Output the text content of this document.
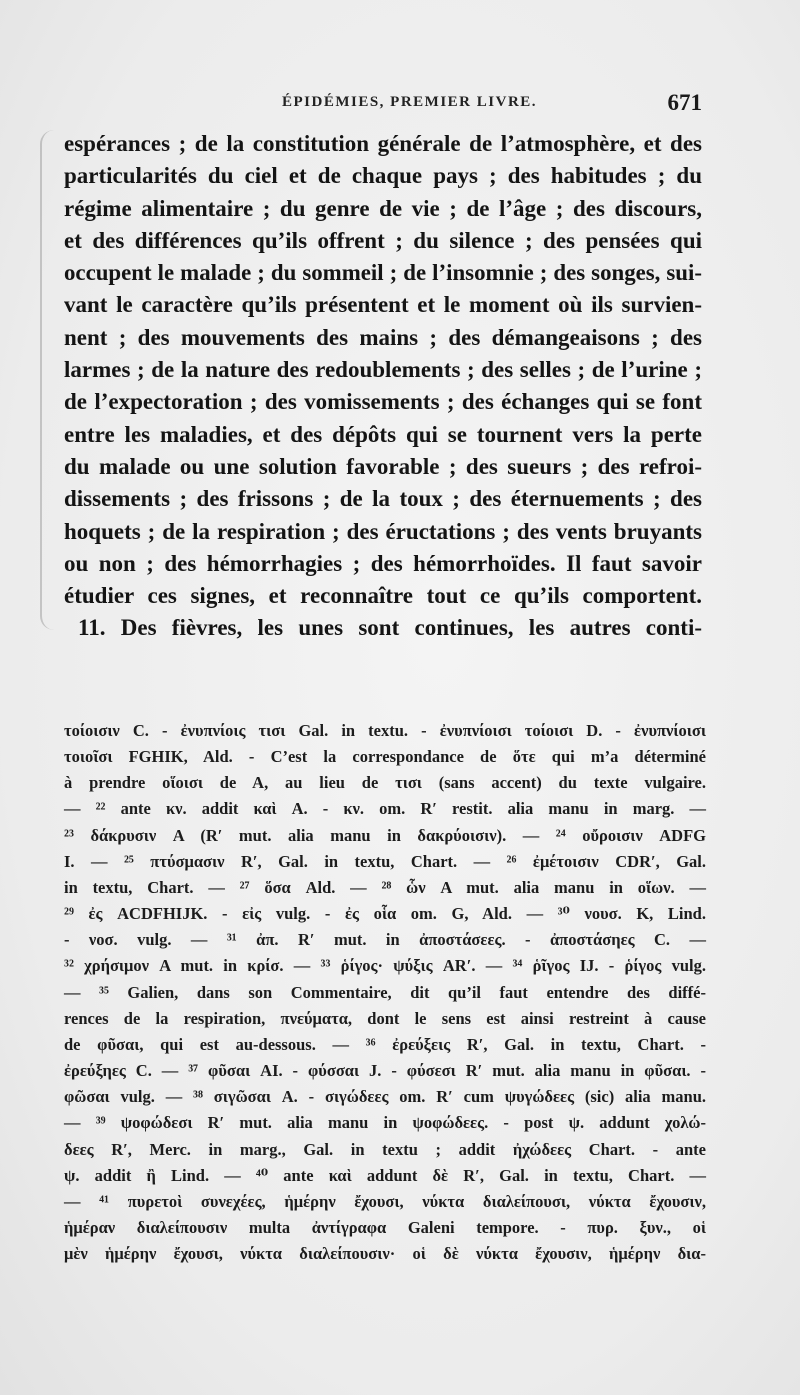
ÉPIDÉMIES, PREMIER LIVRE.	671
espérances ; de la constitution générale de l’atmosphère, et des
particularités du ciel et de chaque pays ; des habitudes ; du
régime alimentaire ; du genre de vie ; de l’âge ; des discours,
et des différences qu’ils offrent ; du silence ; des pensées qui
occupent le malade ; du sommeil ; de l’insomnie ; des songes, sui-
vant le caractère qu’ils présentent et le moment où ils survien-
nent ; des mouvements des mains ; des démangeaisons ; des
larmes ; de la nature des redoublements ; des selles ; de l’urine ;
de l’expectoration ; des vomissements ; des échanges qui se font
entre les maladies, et des dépôts qui se tournent vers la perte
du malade ou une solution favorable ; des sueurs ; des refroi-
dissements ; des frissons ; de la toux ; des éternuements ; des
hoquets ; de la respiration ; des éructations ; des vents bruyants
ou non ; des hémorrhagies ; des hémorrhoïdes. Il faut savoir
étudier ces signes, et reconnaître tout ce qu’ils comportent.
11. Des fièvres, les unes sont continues, les autres conti-
τοίοισιν C. - ἐνυπνίοις τισι Gal. in textu. - ἐνυπνίοισι τοίοισι D. - ἐνυπνίοισι
τοιοῖσι FGHIK, Ald. - C’est la correspondance de ὅτε qui m’a déterminé
à prendre οἵοισι de A, au lieu de τισι (sans accent) du texte vulgaire.
— ²² ante κν. addit καὶ A. - κν. om. R′ restit. alia manu in marg. —
²³ δάκρυσιν A (R′ mut. alia manu in δακρύοισιν). — ²⁴ οὔροισιν ADFG
I. — ²⁵ πτύσμασιν R′, Gal. in textu, Chart. — ²⁶ ἐμέτοισιν CDR′, Gal.
in textu, Chart. — ²⁷ ὅσα Ald. — ²⁸ ὧν A mut. alia manu in οἵων. —
²⁹ ἐς ACDFHIJK. - εἰς vulg. - ἐς οἷα om. G, Ald. — ³⁰ νουσ. K, Lind.
- νοσ. vulg. — ³¹ ἀπ. R′ mut. in ἀποστάσεες. - ἀποστάσηες C. —
³² χρήσιμον A mut. in κρίσ. — ³³ ῥίγος· ψύξις AR′. — ³⁴ ῥῖγος IJ. - ῥίγος vulg.
— ³⁵ Galien, dans son Commentaire, dit qu’il faut entendre des diffé-
rences de la respiration, πνεύματα, dont le sens est ainsi restreint à cause
de φῦσαι, qui est au-dessous. — ³⁶ ἐρεύξεις R′, Gal. in textu, Chart. -
ἐρεύξηες C. — ³⁷ φῦσαι AI. - φύσσαι J. - φύσεσι R′ mut. alia manu in φῦσαι. -
φῶσαι vulg. — ³⁸ σιγῶσαι A. - σιγώδεες om. R′ cum ψυγώδεες (sic) alia manu.
— ³⁹ ψοφώδεσι R′ mut. alia manu in ψοφώδεες. - post ψ. addunt χολώ-
δεες R′, Merc. in marg., Gal. in textu ; addit ἠχώδεες Chart. - ante
ψ. addit ἢ Lind. — ⁴⁰ ante καὶ addunt δὲ R′, Gal. in textu, Chart. —
— ⁴¹ πυρετοὶ συνεχέες, ἡμέρην ἔχουσι, νύκτα διαλείπουσι, νύκτα ἔχουσιν,
ἡμέραν διαλείπουσιν multa ἀντίγραφα Galeni tempore. - πυρ. ξυν., οἱ
μὲν ἡμέρην ἔχουσι, νύκτα διαλείπουσιν· οἱ δὲ νύκτα ἔχουσιν, ἡμέρην δια-
